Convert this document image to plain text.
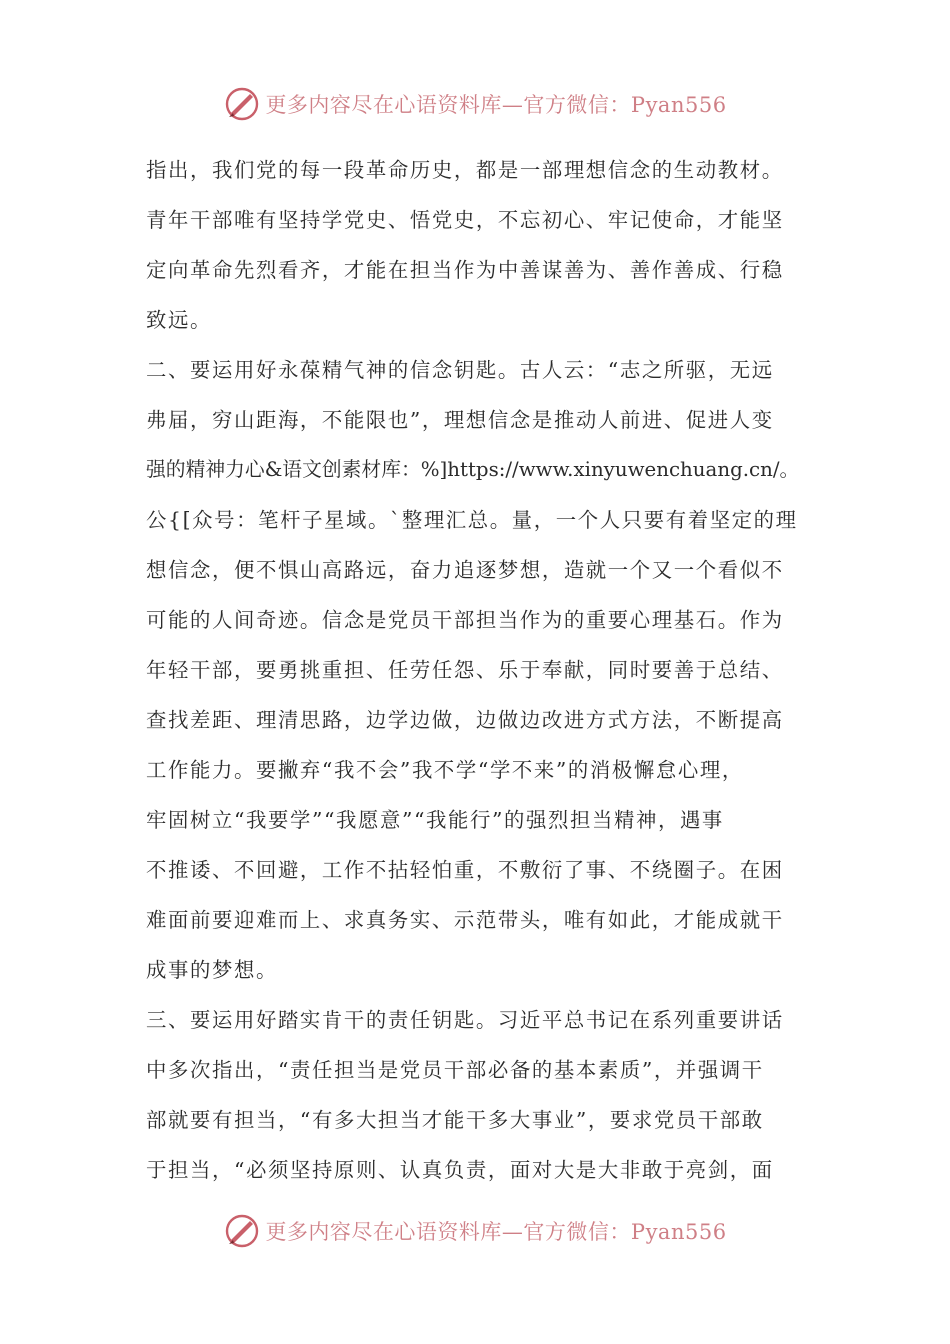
更多内容尽在心语资料库—官方微信：Pyan556
指出，我们党的每一段革命历史，都是一部理想信念的生动教材。
青年干部唯有坚持学党史、悟党史，不忘初心、牢记使命，才能坚
定向革命先烈看齐，才能在担当作为中善谋善为、善作善成、行稳
致远。
二、要运用好永葆精气神的信念钥匙。古人云：“志之所驱，无远
弗届，穷山距海，不能限也”，理想信念是推动人前进、促进人变
强的精神力心&语文创素材库：%]https://www.xinyuwenchuang.cn/。
公{[众号：笔杆子星域。`整理汇总。量，一个人只要有着坚定的理
想信念，便不惧山高路远，奋力追逐梦想，造就一个又一个看似不
可能的人间奇迹。信念是党员干部担当作为的重要心理基石。作为
年轻干部，要勇挑重担、任劳任怨、乐于奉献，同时要善于总结、
查找差距、理清思路，边学边做，边做边改进方式方法，不断提高
工作能力。要撇弃“我不会”我不学“学不来”的消极懈怠心理，
牢固树立“我要学”“我愿意”“我能行”的强烈担当精神，遇事
不推诿、不回避，工作不拈轻怕重，不敷衍了事、不绕圈子。在困
难面前要迎难而上、求真务实、示范带头，唯有如此，才能成就干
成事的梦想。
三、要运用好踏实肯干的责任钥匙。习近平总书记在系列重要讲话
中多次指出，“责任担当是党员干部必备的基本素质”，并强调干
部就要有担当，“有多大担当才能干多大事业”，要求党员干部敢
于担当，“必须坚持原则、认真负责，面对大是大非敢于亮剑，面
更多内容尽在心语资料库—官方微信：Pyan556
